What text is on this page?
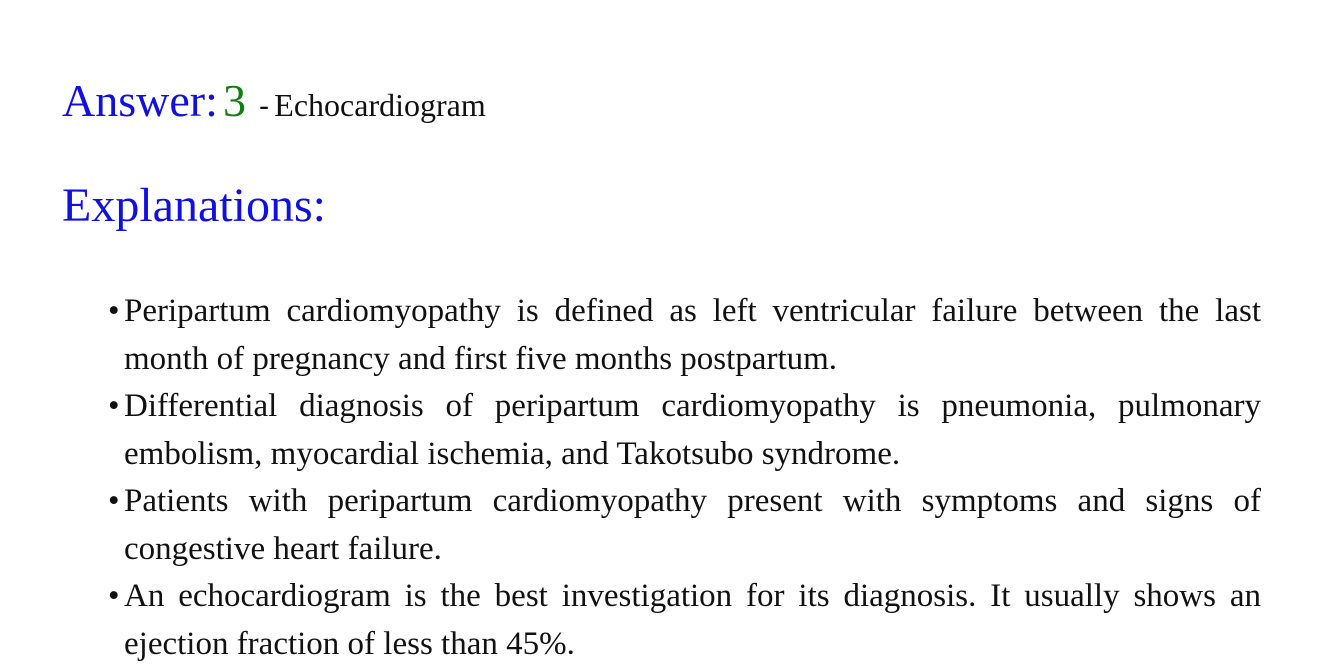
Answer: 3 - Echocardiogram
Explanations:
• Peripartum cardiomyopathy is defined as left ventricular failure between the last month of pregnancy and first five months postpartum.
• Differential diagnosis of peripartum cardiomyopathy is pneumonia, pulmonary embolism, myocardial ischemia, and Takotsubo syndrome.
• Patients with peripartum cardiomyopathy present with symptoms and signs of congestive heart failure.
• An echocardiogram is the best investigation for its diagnosis. It usually shows an ejection fraction of less than 45%.
